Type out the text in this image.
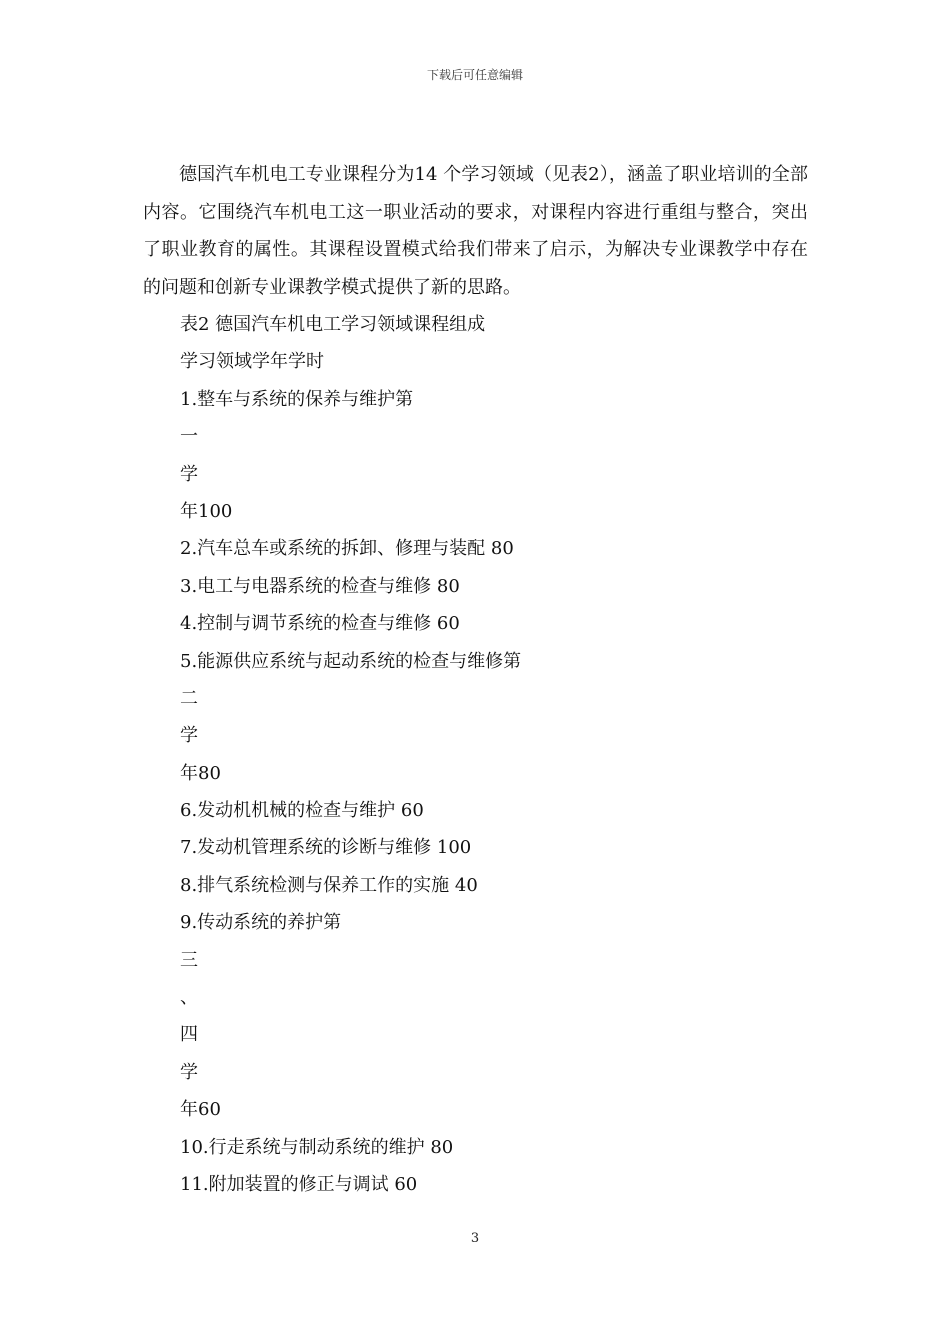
下载后可任意编辑

德国汽车机电工专业课程分为14 个学习领域（见表2），涵盖了职业培训的全部内容。它围绕汽车机电工这一职业活动的要求，对课程内容进行重组与整合，突出了职业教育的属性。其课程设置模式给我们带来了启示，为解决专业课教学中存在的问题和创新专业课教学模式提供了新的思路。

表2 德国汽车机电工学习领域课程组成
学习领域学年学时
1.整车与系统的保养与维护第
一
学
年100
2.汽车总车或系统的拆卸、修理与装配 80
3.电工与电器系统的检查与维修 80
4.控制与调节系统的检查与维修 60
5.能源供应系统与起动系统的检查与维修第
二
学
年80
6.发动机机械的检查与维护 60
7.发动机管理系统的诊断与维修 100
8.排气系统检测与保养工作的实施 40
9.传动系统的养护第
三
、
四
学
年60
10.行走系统与制动系统的维护 80
11.附加装置的修正与调试 60
3
